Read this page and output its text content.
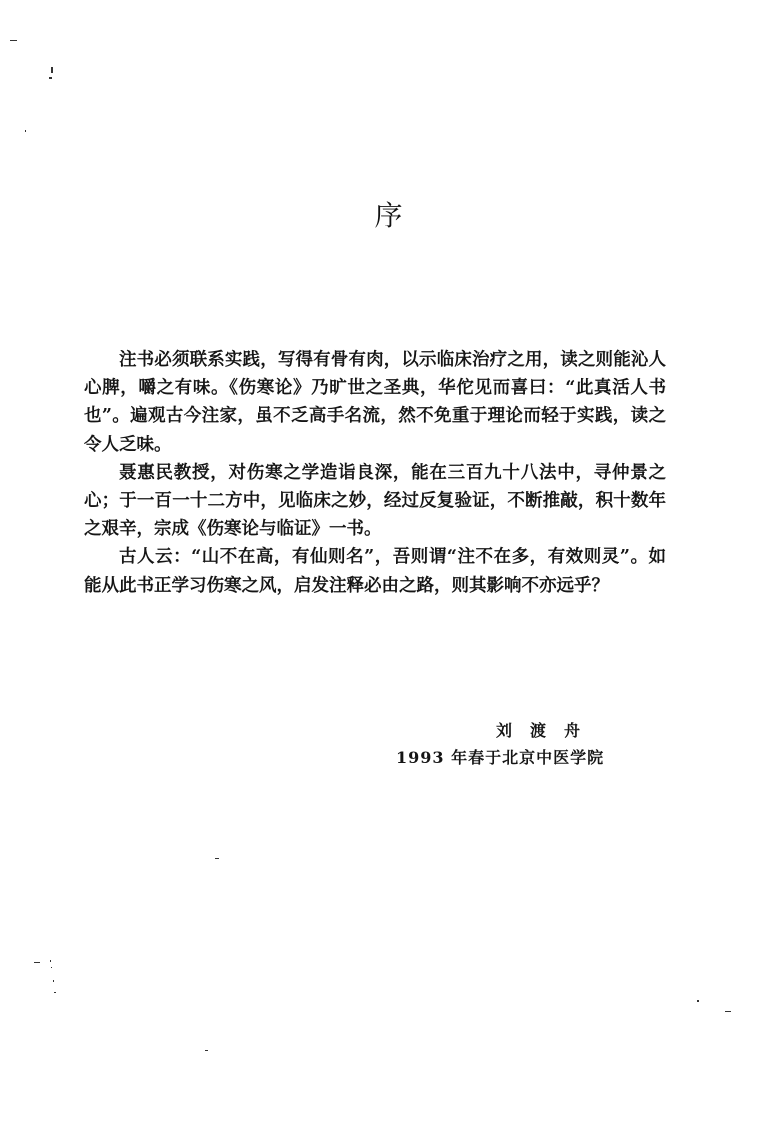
序

注书必须联系实践，写得有骨有肉，以示临床治疗之用，读之则能沁人心脾，嚼之有味。《伤寒论》乃旷世之圣典，华佗见而喜曰：“此真活人书也”。遍观古今注家，虽不乏高手名流，然不免重于理论而轻于实践，读之令人乏味。

聂惠民教授，对伤寒之学造诣良深，能在三百九十八法中，寻仲景之心；于一百一十二方中，见临床之妙，经过反复验证，不断推敲，积十数年之艰辛，宗成《伤寒论与临证》一书。

古人云：“山不在高，有仙则名”，吾则谓“注不在多，有效则灵”。如能从此书正学习伤寒之风，启发注释必由之路，则其影响不亦远乎？

刘渡舟
1993 年春于北京中医学院
